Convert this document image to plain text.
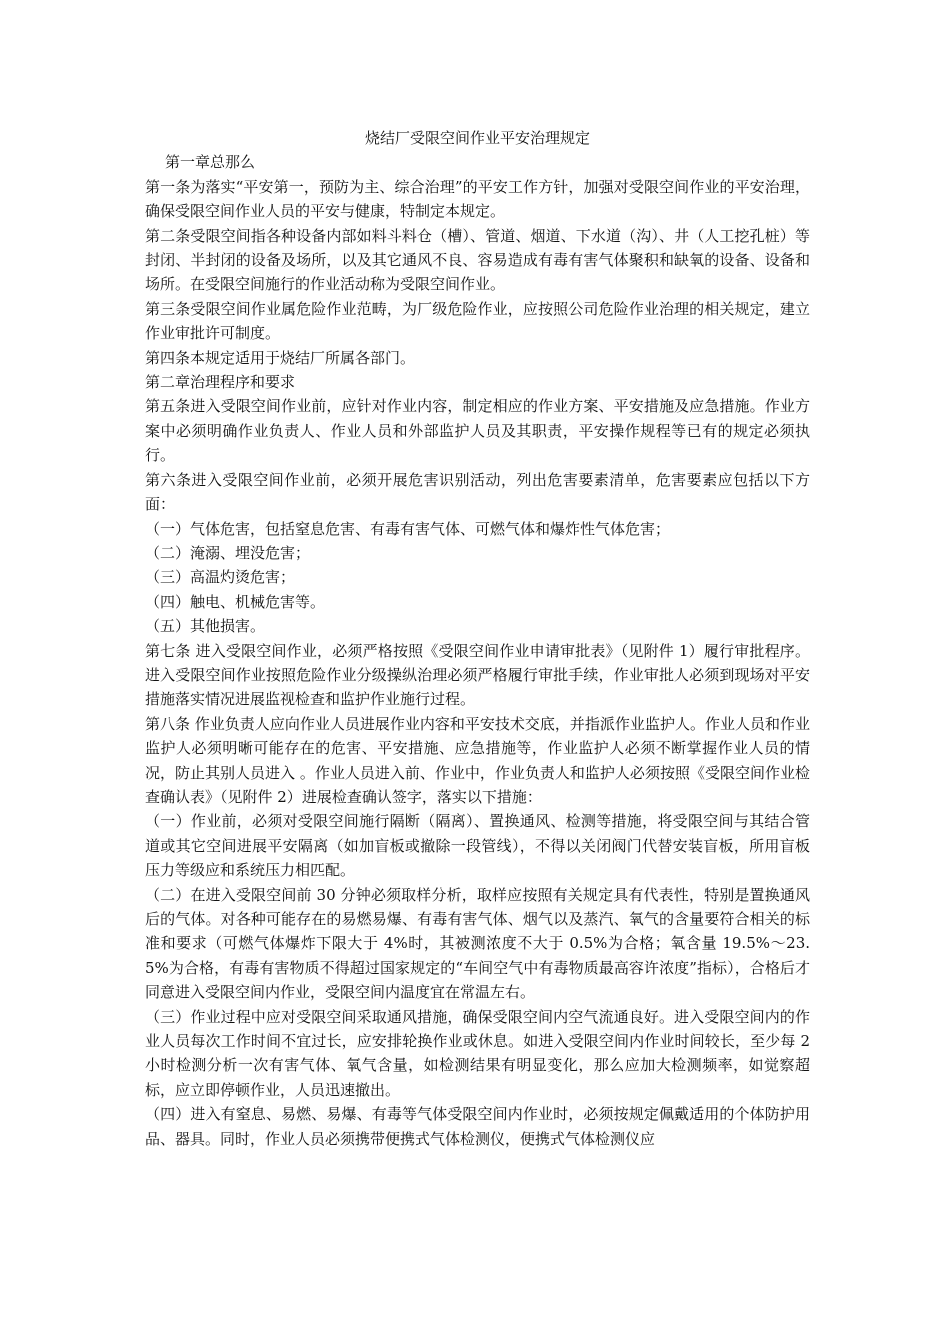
烧结厂受限空间作业平安治理规定

第一章总那么

第一条为落实“平安第一，预防为主、综合治理”的平安工作方针，加强对受限空间作业的平安治理，确保受限空间作业人员的平安与健康，特制定本规定。

第二条受限空间指各种设备内部如料斗料仓（槽）、管道、烟道、下水道（沟）、井（人工挖孔桩）等封闭、半封闭的设备及场所，以及其它通风不良、容易造成有毒有害气体聚积和缺氧的设备、设备和场所。在受限空间施行的作业活动称为受限空间作业。

第三条受限空间作业属危险作业范畴，为厂级危险作业，应按照公司危险作业治理的相关规定，建立作业审批许可制度。

第四条本规定适用于烧结厂所属各部门。

第二章治理程序和要求

第五条进入受限空间作业前，应针对作业内容，制定相应的作业方案、平安措施及应急措施。作业方案中必须明确作业负责人、作业人员和外部监护人员及其职责，平安操作规程等已有的规定必须执行。

第六条进入受限空间作业前，必须开展危害识别活动，列出危害要素清单，危害要素应包括以下方面：

（一）气体危害，包括窒息危害、有毒有害气体、可燃气体和爆炸性气体危害；

（二）淹溺、埋没危害；

（三）高温灼烫危害；

（四）触电、机械危害等。

（五）其他损害。

第七条 进入受限空间作业，必须严格按照《受限空间作业申请审批表》（见附件 1）履行审批程序。进入受限空间作业按照危险作业分级操纵治理必须严格履行审批手续，作业审批人必须到现场对平安措施落实情况进展监视检查和监护作业施行过程。

第八条 作业负责人应向作业人员进展作业内容和平安技术交底，并指派作业监护人。作业人员和作业监护人必须明晰可能存在的危害、平安措施、应急措施等，作业监护人必须不断掌握作业人员的情况，防止其别人员进入 。作业人员进入前、作业中，作业负责人和监护人必须按照《受限空间作业检查确认表》（见附件 2）进展检查确认签字，落实以下措施：

（一）作业前，必须对受限空间施行隔断（隔离）、置换通风、检测等措施，将受限空间与其结合管道或其它空间进展平安隔离（如加盲板或撤除一段管线），不得以关闭阀门代替安装盲板，所用盲板压力等级应和系统压力相匹配。

（二）在进入受限空间前 30 分钟必须取样分析，取样应按照有关规定具有代表性，特别是置换通风后的气体。对各种可能存在的易燃易爆、有毒有害气体、烟气以及蒸汽、氧气的含量要符合相关的标准和要求（可燃气体爆炸下限大于 4%时，其被测浓度不大于 0.5%为合格；氧含量 19.5%～23.5%为合格，有毒有害物质不得超过国家规定的“车间空气中有毒物质最高容许浓度”指标），合格后才同意进入受限空间内作业，受限空间内温度宜在常温左右。

（三）作业过程中应对受限空间采取通风措施，确保受限空间内空气流通良好。进入受限空间内的作业人员每次工作时间不宜过长，应安排轮换作业或休息。如进入受限空间内作业时间较长，至少每 2 小时检测分析一次有害气体、氧气含量，如检测结果有明显变化，那么应加大检测频率，如觉察超标，应立即停顿作业，人员迅速撤出。

（四）进入有窒息、易燃、易爆、有毒等气体受限空间内作业时，必须按规定佩戴适用的个体防护用品、器具。同时，作业人员必须携带便携式气体检测仪，便携式气体检测仪应
